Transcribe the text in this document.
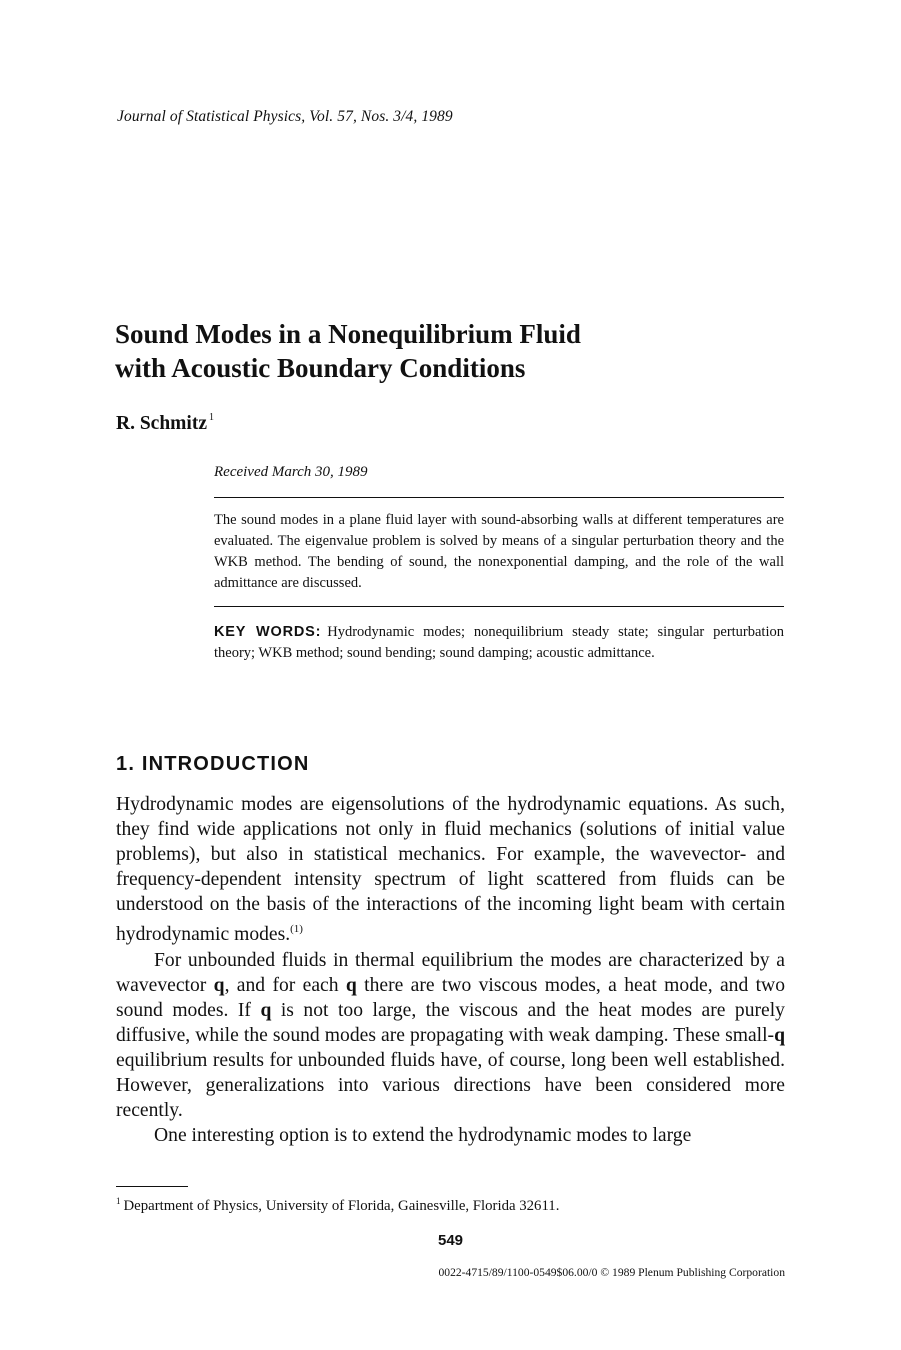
Journal of Statistical Physics, Vol. 57, Nos. 3/4, 1989
Sound Modes in a Nonequilibrium Fluid
with Acoustic Boundary Conditions
R. Schmitz $^1$
Received March 30, 1989
The sound modes in a plane fluid layer with sound-absorbing walls at different temperatures are evaluated. The eigenvalue problem is solved by means of a singular perturbation theory and the WKB method. The bending of sound, the nonexponential damping, and the role of the wall admittance are discussed.
KEY WORDS: Hydrodynamic modes; nonequilibrium steady state; singular perturbation theory; WKB method; sound bending; sound damping; acoustic admittance.
1. INTRODUCTION

Hydrodynamic modes are eigensolutions of the hydrodynamic equations. As such, they find wide applications not only in fluid mechanics (solutions of initial value problems), but also in statistical mechanics. For example, the wavevector- and frequency-dependent intensity spectrum of light scattered from fluids can be understood on the basis of the interactions of the incoming light beam with certain hydrodynamic modes.$^{(1)}$

For unbounded fluids in thermal equilibrium the modes are characterized by a wavevector q, and for each q there are two viscous modes, a heat mode, and two sound modes. If q is not too large, the viscous and the heat modes are purely diffusive, while the sound modes are propagating with weak damping. These small-q equilibrium results for unbounded fluids have, of course, long been well established. However, generalizations into various directions have been considered more recently.

One interesting option is to extend the hydrodynamic modes to large

$^1$ Department of Physics, University of Florida, Gainesville, Florida 32611.
549
0022-4715/89/1100-0549$06.00/0 © 1989 Plenum Publishing Corporation
